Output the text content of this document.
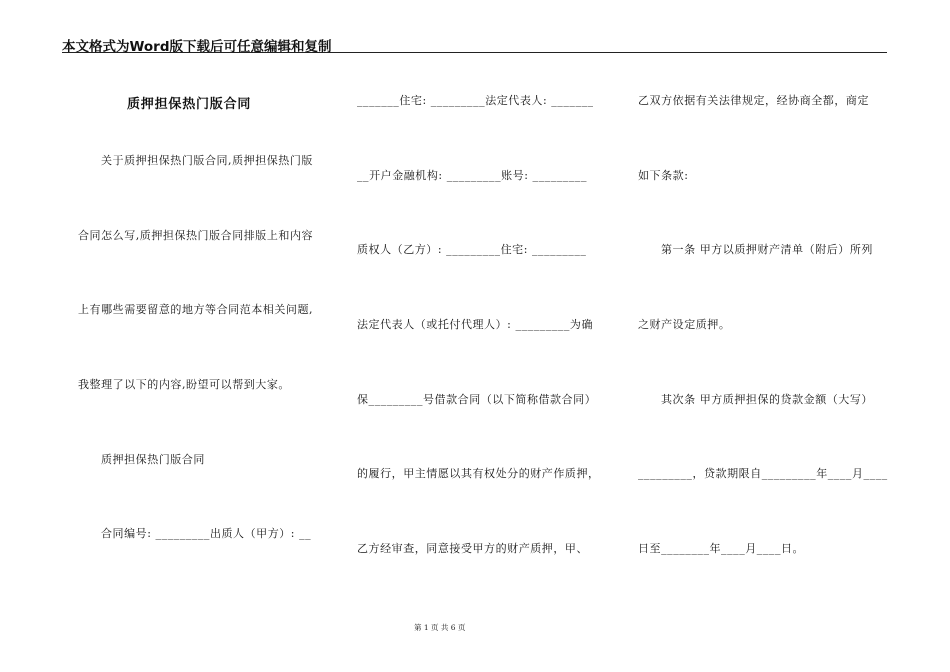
本文格式为Word版下载后可任意编辑和复制
质押担保热门版合同
关于质押担保热门版合同,质押担保热门版
合同怎么写,质押担保热门版合同排版上和内容
上有哪些需要留意的地方等合同范本相关问题,
我整理了以下的内容,盼望可以帮到大家。
质押担保热门版合同
合同编号: _________出质人（甲方）: __
_______住宅: _________法定代表人: _______
__开户金融机构: _________账号: _________
质权人（乙方）: _________住宅: _________
法定代表人（或托付代理人）: _________为确
保_________号借款合同（以下简称借款合同）
的履行，甲主情愿以其有权处分的财产作质押，
乙方经审查，同意接受甲方的财产质押，甲、
乙双方依据有关法律规定，经协商全都，商定
如下条款:
第一条 甲方以质押财产清单（附后）所列
之财产设定质押。
其次条 甲方质押担保的贷款金额（大写）
_________，贷款期限自_________年____月____
日至________年____月____日。
第 1 页 共 6 页
